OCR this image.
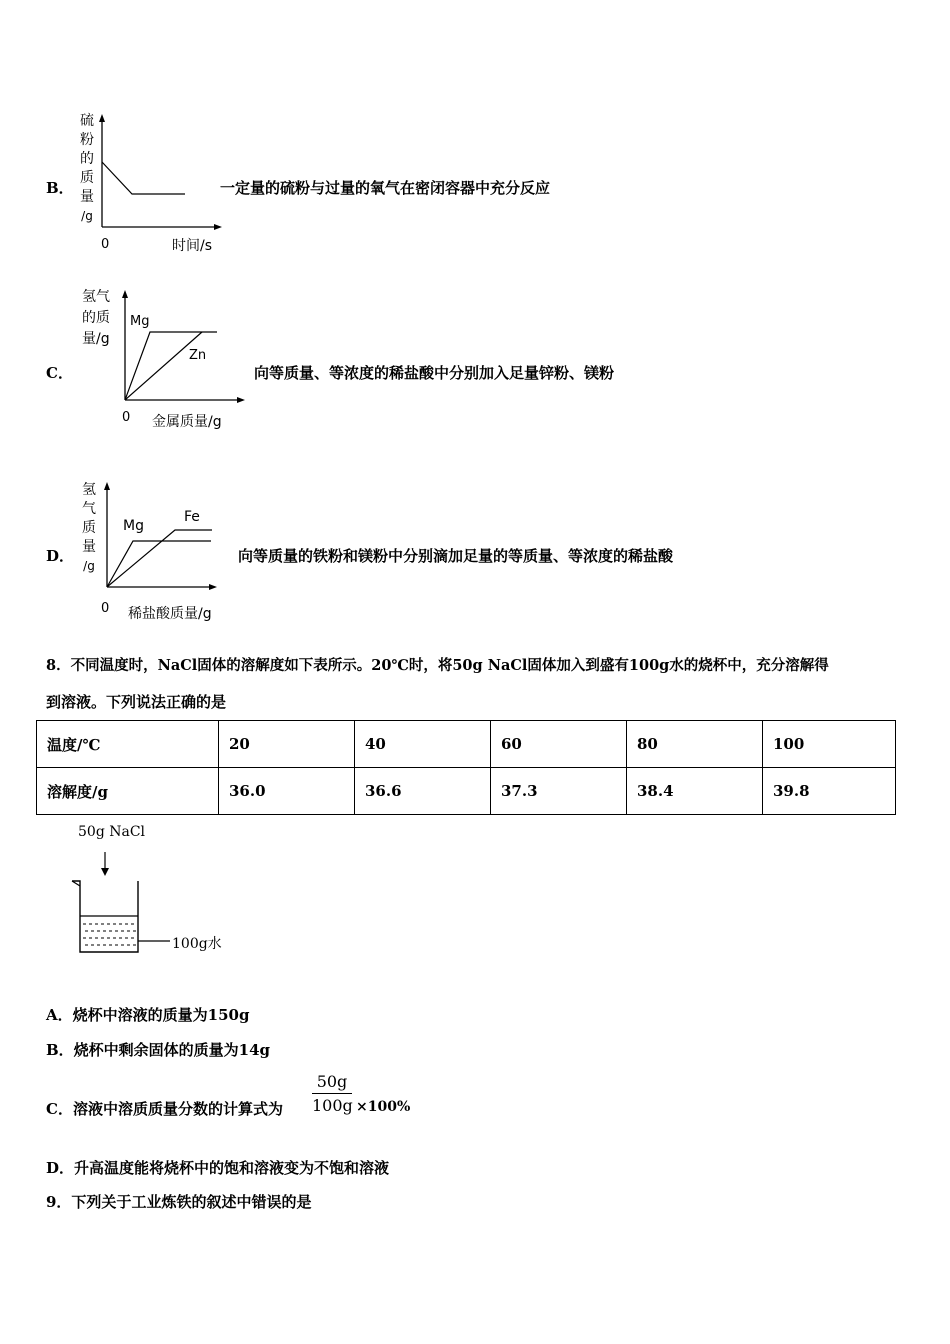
B．
硫
粉
的
质
量
/g
0	时间/s
一定量的硫粉与过量的氧气在密闭容器中充分反应
C．
氢气
的质
量/g
Mg
Zn
0 金属质量/g
向等质量、等浓度的稀盐酸中分别加入足量锌粉、镁粉
D．
氢
气
质
量
/g
Mg
Fe
0 稀盐酸质量/g
向等质量的铁粉和镁粉中分别滴加足量的等质量、等浓度的稀盐酸
8．不同温度时，NaCl固体的溶解度如下表所示。20℃时，将50g NaCl固体加入到盛有100g水的烧杯中，充分溶解得
到溶液。下列说法正确的是
温度/℃	20	40	60	80	100
溶解度/g	36.0	36.6	37.3	38.4	39.8
50g NaCl
100g水
A．烧杯中溶液的质量为150g
B．烧杯中剩余固体的质量为14g
C．溶液中溶质质量分数的计算式为
50g
100g ×100%
D．升高温度能将烧杯中的饱和溶液变为不饱和溶液
9．下列关于工业炼铁的叙述中错误的是
